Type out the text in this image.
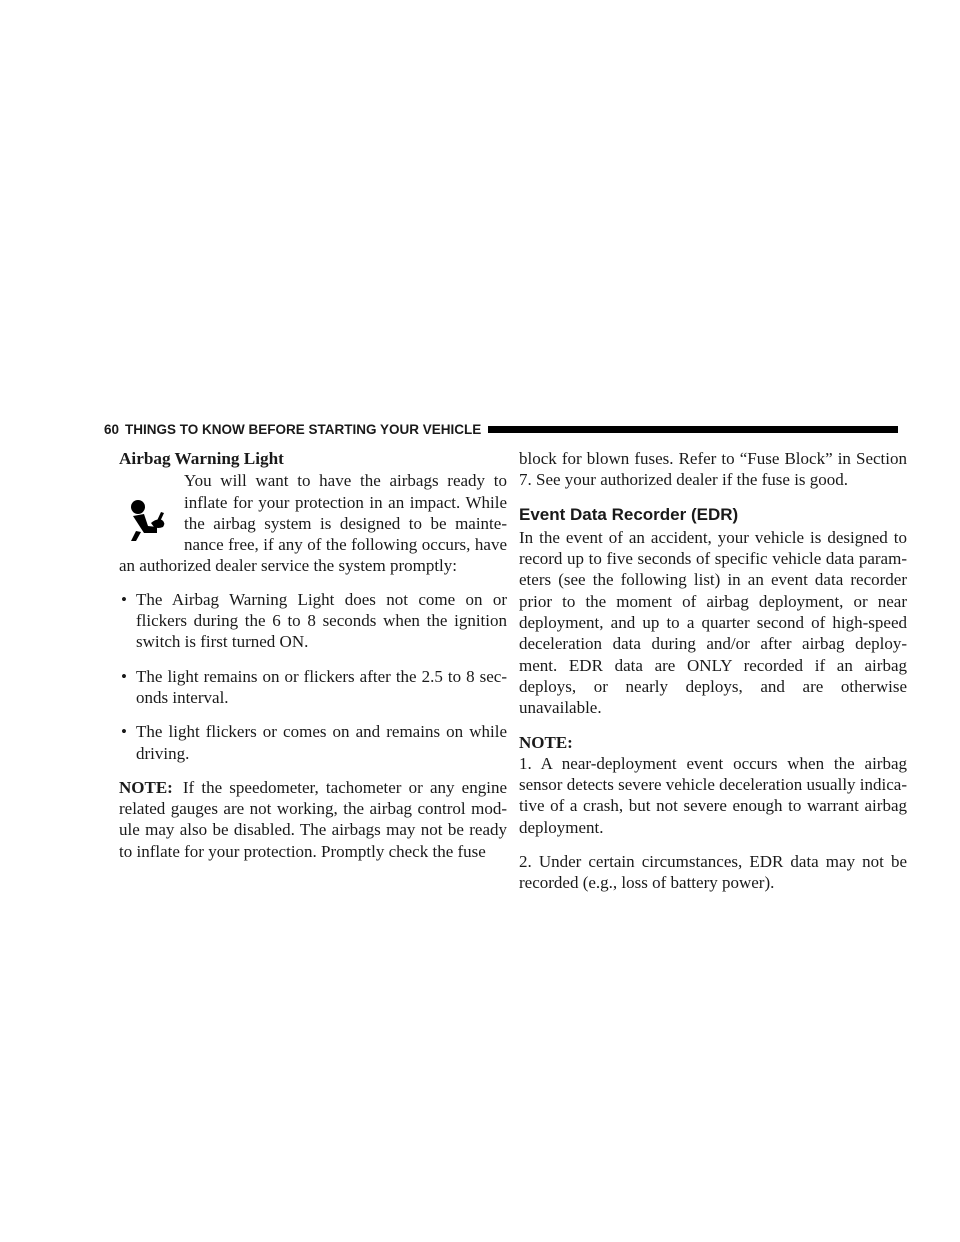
60 THINGS TO KNOW BEFORE STARTING YOUR VEHICLE
Airbag Warning Light
You will want to have the airbags ready to
inflate for your protection in an impact. While
the airbag system is designed to be mainte-
nance free, if any of the following occurs, have
an authorized dealer service the system promptly:
• The Airbag Warning Light does not come on or flickers during the 6 to 8 seconds when the ignition switch is first turned ON.
• The light remains on or flickers after the 2.5 to 8 sec-onds interval.
• The light flickers or comes on and remains on while driving.

NOTE: If the speedometer, tachometer or any engine related gauges are not working, the airbag control mod-ule may also be disabled. The airbags may not be ready to inflate for your protection. Promptly check the fuse

block for blown fuses. Refer to “Fuse Block” in Section 7. See your authorized dealer if the fuse is good.

Event Data Recorder (EDR)

In the event of an accident, your vehicle is designed to record up to five seconds of specific vehicle data param-eters (see the following list) in an event data recorder prior to the moment of airbag deployment, or near deployment, and up to a quarter second of high-speed deceleration data during and/or after airbag deploy-ment. EDR data are ONLY recorded if an airbag deploys, or nearly deploys, and are otherwise unavailable.

NOTE:

1. A near-deployment event occurs when the airbag sensor detects severe vehicle deceleration usually indica-tive of a crash, but not severe enough to warrant airbag deployment.

2. Under certain circumstances, EDR data may not be recorded (e.g., loss of battery power).
